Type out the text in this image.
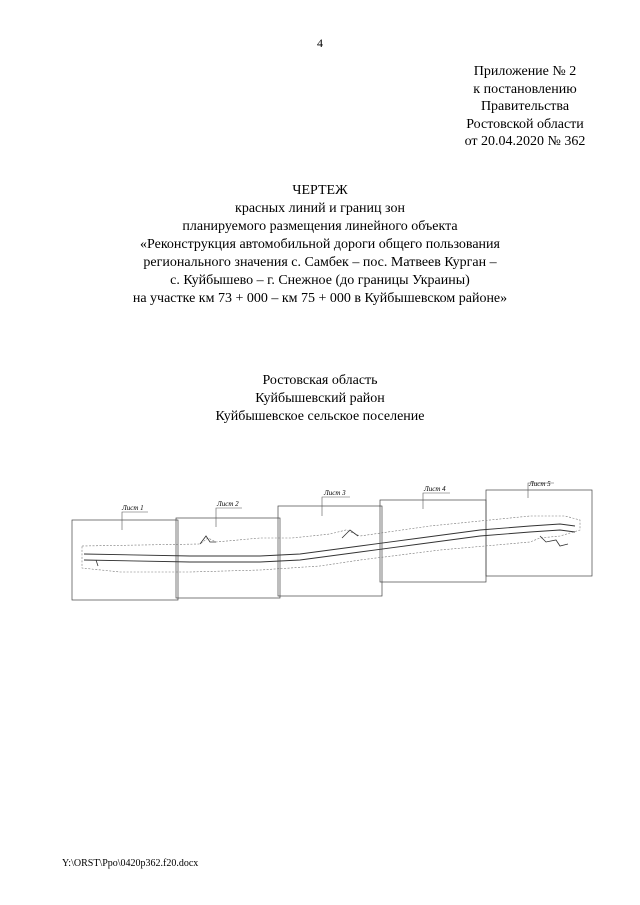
4
Приложение № 2
к постановлению
Правительства
Ростовской области
от 20.04.2020 № 362
ЧЕРТЕЖ
красных линий и границ зон
планируемого размещения линейного объекта
«Реконструкция автомобильной дороги общего пользования
регионального значения с. Самбек – пос. Матвеев Курган –
с. Куйбышево – г. Снежное (до границы Украины)
на участке км 73 + 000 – км 75 + 000 в Куйбышевском районе»
Ростовская область
Куйбышевский район
Куйбышевское сельское поселение
Лист 1	Лист 2
Лист 3	Лист 4
Лист 5
Y:\ORST\Ppo\0420p362.f20.docx
